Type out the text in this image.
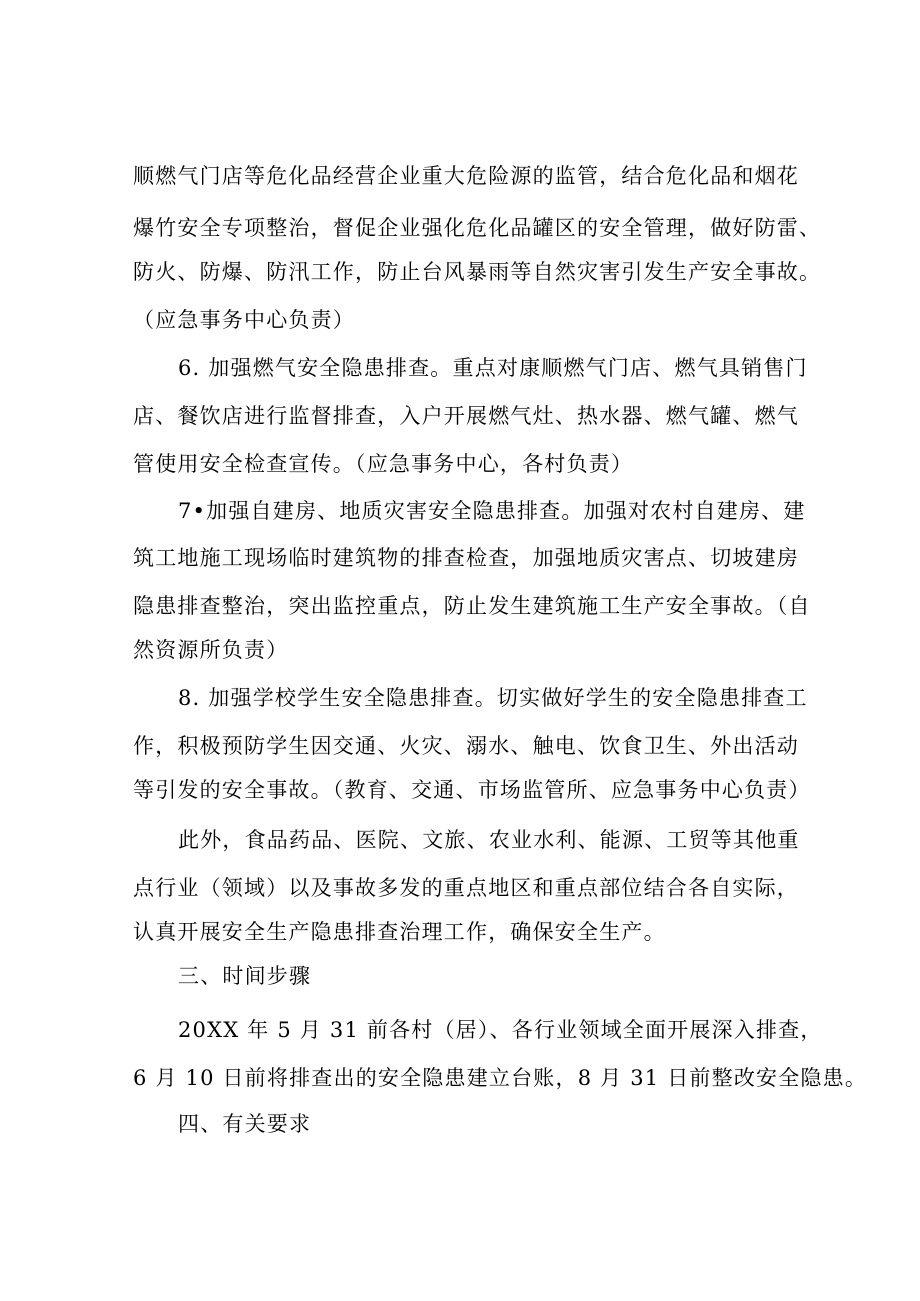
顺燃气门店等危化品经营企业重大危险源的监管，结合危化品和烟花
爆竹安全专项整治，督促企业强化危化品罐区的安全管理，做好防雷、
防火、防爆、防汛工作，防止台风暴雨等自然灾害引发生产安全事故。
（应急事务中心负责）
6. 加强燃气安全隐患排查。重点对康顺燃气门店、燃气具销售门
店、餐饮店进行监督排查，入户开展燃气灶、热水器、燃气罐、燃气
管使用安全检查宣传。（应急事务中心，各村负责）
7•加强自建房、地质灾害安全隐患排查。加强对农村自建房、建
筑工地施工现场临时建筑物的排查检查，加强地质灾害点、切坡建房
隐患排查整治，突出监控重点，防止发生建筑施工生产安全事故。（自
然资源所负责）
8. 加强学校学生安全隐患排查。切实做好学生的安全隐患排查工
作，积极预防学生因交通、火灾、溺水、触电、饮食卫生、外出活动
等引发的安全事故。（教育、交通、市场监管所、应急事务中心负责）
此外，食品药品、医院、文旅、农业水利、能源、工贸等其他重
点行业（领域）以及事故多发的重点地区和重点部位结合各自实际，
认真开展安全生产隐患排查治理工作，确保安全生产。
三、时间步骤
20XX 年 5 月 31 前各村（居）、各行业领域全面开展深入排查，
6 月 10 日前将排查出的安全隐患建立台账，8 月 31 日前整改安全隐患。
四、有关要求
